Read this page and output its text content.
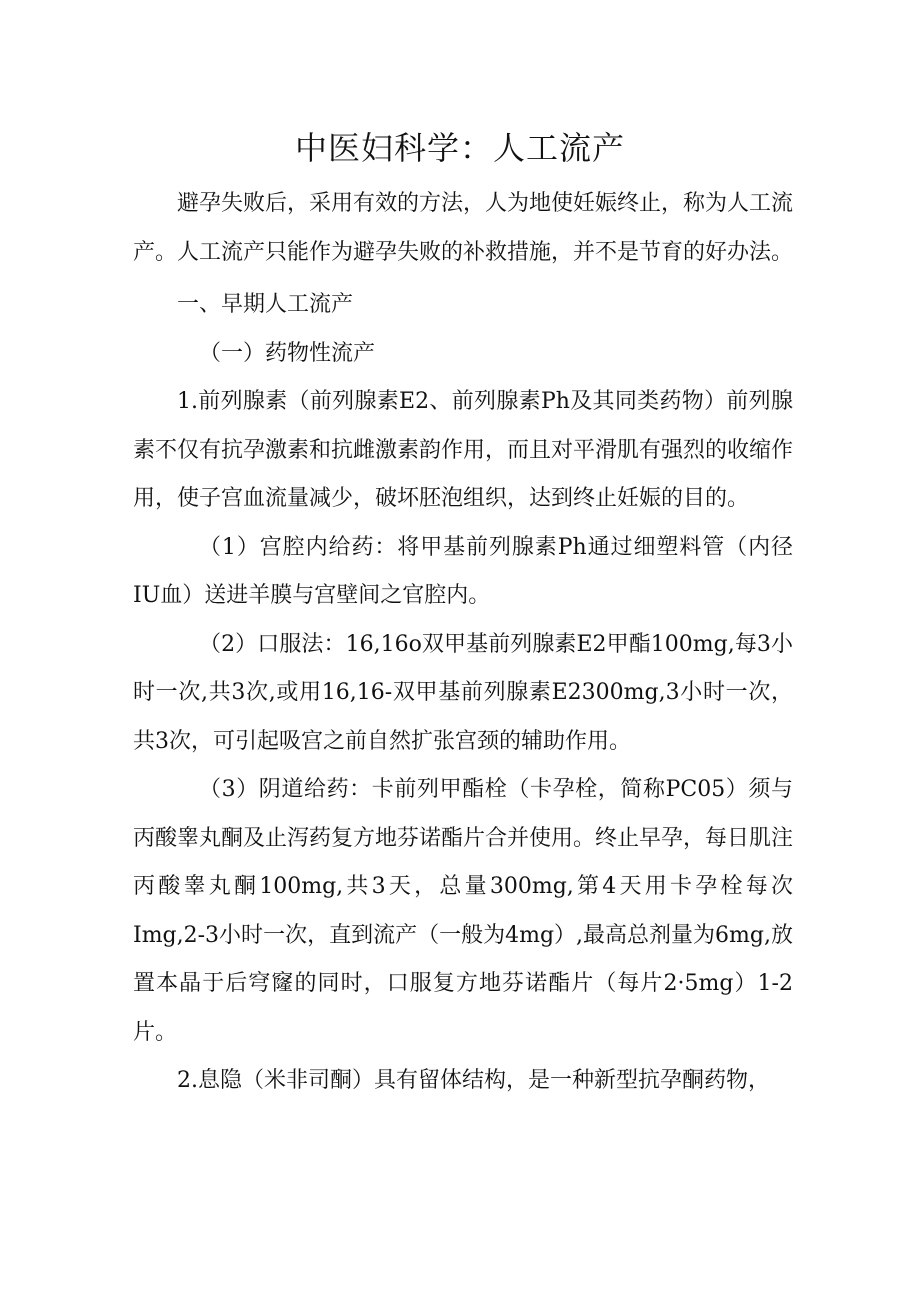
中医妇科学：人工流产

避孕失败后，采用有效的方法，人为地使妊娠终止，称为人工流产。人工流产只能作为避孕失败的补救措施，并不是节育的好办法。

一、早期人工流产

（一）药物性流产

1.前列腺素（前列腺素E2、前列腺素Ph及其同类药物）前列腺素不仅有抗孕激素和抗雌激素韵作用，而且对平滑肌有强烈的收缩作用，使子宫血流量减少，破坏胚泡组织，达到终止妊娠的目的。

（1）宫腔内给药：将甲基前列腺素Ph通过细塑料管（内径IU血）送进羊膜与宫壁间之官腔内。

（2）口服法：16,16o双甲基前列腺素E2甲酯100mg,每3小时一次,共3次,或用16,16-双甲基前列腺素E2300mg,3小时一次，共3次，可引起吸宫之前自然扩张宫颈的辅助作用。

（3）阴道给药：卡前列甲酯栓（卡孕栓，简称PC05）须与丙酸睾丸酮及止泻药复方地芬诺酯片合并使用。终止早孕，每日肌注丙酸睾丸酮100mg,共3天，总量300mg,第4天用卡孕栓每次Img,2-3小时一次，直到流产（一般为4mg）,最高总剂量为6mg,放置本晶于后穹窿的同时，口服复方地芬诺酯片（每片2·5mg）1-2片。

2.息隐（米非司酮）具有留体结构，是一种新型抗孕酮药物，
